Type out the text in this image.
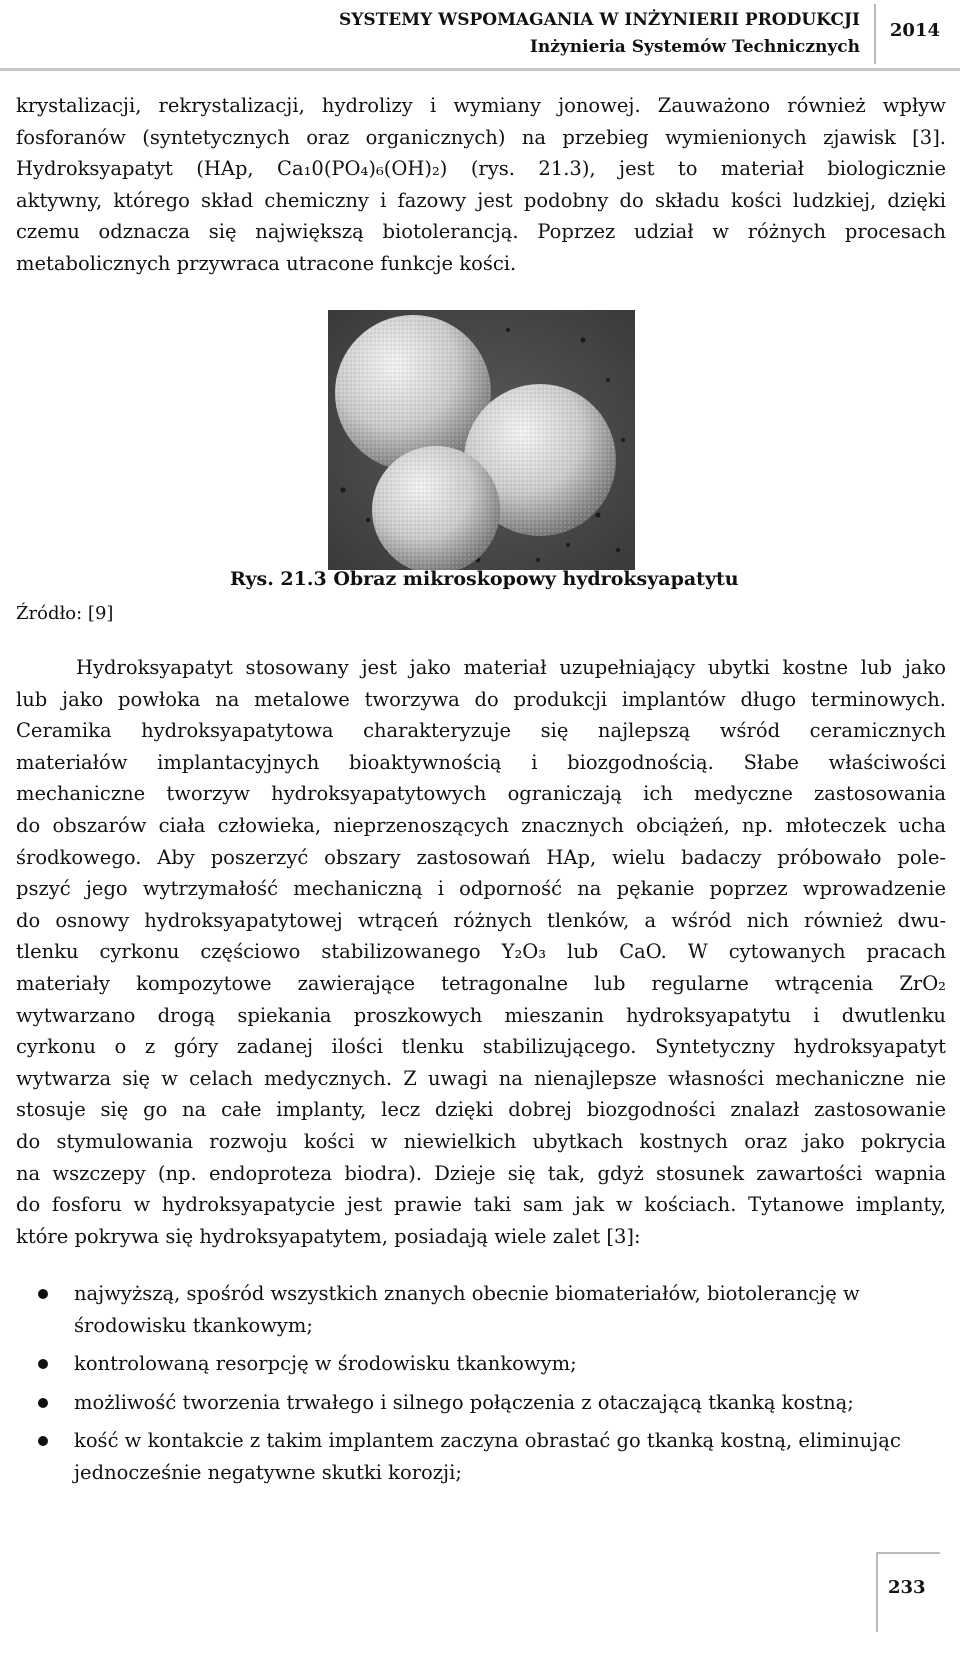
SYSTEMY WSPOMAGANIA W INŻYNIERII PRODUKCJI
Inżynieria Systemów Technicznych
2014
krystalizacji, rekrystalizacji, hydrolizy i wymiany jonowej. Zauważono również wpływ
fosforanów (syntetycznych oraz organicznych) na przebieg wymienionych zjawisk [3].
Hydroksyapatyt (HAp, Ca₁0(PO₄)₆(OH)₂) (rys. 21.3), jest to materiał biologicznie
aktywny, którego skład chemiczny i fazowy jest podobny do składu kości ludzkiej, dzięki
czemu odznacza się największą biotolerancją. Poprzez udział w różnych procesach
metabolicznych przywraca utracone funkcje kości.
Rys. 21.3 Obraz mikroskopowy hydroksyapatytu
Źródło: [9]
Hydroksyapatyt stosowany jest jako materiał uzupełniający ubytki kostne lub jako
lub jako powłoka na metalowe tworzywa do produkcji implantów długo terminowych.
Ceramika hydroksyapatytowa charakteryzuje się najlepszą wśród ceramicznych
materiałów implantacyjnych bioaktywnością i biozgodnością. Słabe właściwości
mechaniczne tworzyw hydroksyapatytowych ograniczają ich medyczne zastosowania
do obszarów ciała człowieka, nieprzenoszących znacznych obciążeń, np. młoteczek ucha
środkowego. Aby poszerzyć obszary zastosowań HAp, wielu badaczy próbowało pole-
pszyć jego wytrzymałość mechaniczną i odporność na pękanie poprzez wprowadzenie
do osnowy hydroksyapatytowej wtrąceń różnych tlenków, a wśród nich również dwu-
tlenku cyrkonu częściowo stabilizowanego Y₂O₃ lub CaO. W cytowanych pracach
materiały kompozytowe zawierające tetragonalne lub regularne wtrącenia ZrO₂
wytwarzano drogą spiekania proszkowych mieszanin hydroksyapatytu i dwutlenku
cyrkonu o z góry zadanej ilości tlenku stabilizującego. Syntetyczny hydroksyapatyt
wytwarza się w celach medycznych. Z uwagi na nienajlepsze własności mechaniczne nie
stosuje się go na całe implanty, lecz dzięki dobrej biozgodności znalazł zastosowanie
do stymulowania rozwoju kości w niewielkich ubytkach kostnych oraz jako pokrycia
na wszczepy (np. endoproteza biodra). Dzieje się tak, gdyż stosunek zawartości wapnia
do fosforu w hydroksyapatycie jest prawie taki sam jak w kościach. Tytanowe implanty,
które pokrywa się hydroksyapatytem, posiadają wiele zalet [3]:
najwyższą, spośród wszystkich znanych obecnie biomateriałów, biotolerancję w środowisku tkankowym;
kontrolowaną resorpcję w środowisku tkankowym;
możliwość tworzenia trwałego i silnego połączenia z otaczającą tkanką kostną;
kość w kontakcie z takim implantem zaczyna obrastać go tkanką kostną, eliminując jednocześnie negatywne skutki korozji;
233
